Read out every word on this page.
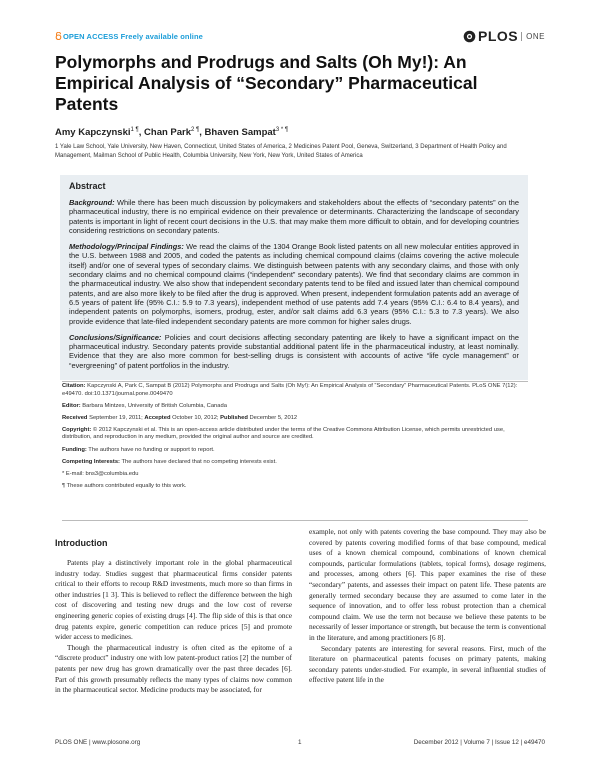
OPEN ACCESS Freely available online	PLOS ONE
Polymorphs and Prodrugs and Salts (Oh My!): An Empirical Analysis of “Secondary” Pharmaceutical Patents
Amy Kapczynski$^{1 \P}$, Chan Park$^{2 \P}$, Bhaven Sampat$^{3 * \P}$
1 Yale Law School, Yale University, New Haven, Connecticut, United States of America, 2 Medicines Patent Pool, Geneva, Switzerland, 3 Department of Health Policy and Management, Mailman School of Public Health, Columbia University, New York, New York, United States of America
Abstract

Background: While there has been much discussion by policymakers and stakeholders about the effects of “secondary patents” on the pharmaceutical industry, there is no empirical evidence on their prevalence or determinants. Characterizing the landscape of secondary patents is important in light of recent court decisions in the U.S. that may make them more difficult to obtain, and for developing countries considering restrictions on secondary patents.

Methodology/Principal Findings: We read the claims of the 1304 Orange Book listed patents on all new molecular entities approved in the U.S. between 1988 and 2005, and coded the patents as including chemical compound claims (claims covering the active molecule itself) and/or one of several types of secondary claims. We distinguish between patents with any secondary claims, and those with only secondary claims and no chemical compound claims (“independent” secondary patents). We find that secondary claims are common in the pharmaceutical industry. We also show that independent secondary patents tend to be filed and issued later than chemical compound patents, and are also more likely to be filed after the drug is approved. When present, independent formulation patents add an average of 6.5 years of patent life (95% C.I.: 5.9 to 7.3 years), independent method of use patents add 7.4 years (95% C.I.: 6.4 to 8.4 years), and independent patents on polymorphs, isomers, prodrug, ester, and/or salt claims add 6.3 years (95% C.I.: 5.3 to 7.3 years). We also provide evidence that late-filed independent secondary patents are more common for higher sales drugs.

Conclusions/Significance: Policies and court decisions affecting secondary patenting are likely to have a significant impact on the pharmaceutical industry. Secondary patents provide substantial additional patent life in the pharmaceutical industry, at least nominally. Evidence that they are also more common for best-selling drugs is consistent with accounts of active “life cycle management” or “evergreening” of patent portfolios in the industry.

Citation: Kapczynski A, Park C, Sampat B (2012) Polymorphs and Prodrugs and Salts (Oh My!): An Empirical Analysis of “Secondary” Pharmaceutical Patents. PLoS ONE 7(12): e49470. doi:10.1371/journal.pone.0049470

Editor: Barbara Mintzes, University of British Columbia, Canada

Received September 19, 2011; Accepted October 10, 2012; Published December 5, 2012

Copyright: © 2012 Kapczynski et al. This is an open-access article distributed under the terms of the Creative Commons Attribution License, which permits unrestricted use, distribution, and reproduction in any medium, provided the original author and source are credited.

Funding: The authors have no funding or support to report.

Competing Interests: The authors have declared that no competing interests exist.

* E-mail: bns3@columbia.edu

¶ These authors contributed equally to this work.

Introduction

Patents play a distinctively important role in the global pharmaceutical industry today. Studies suggest that pharmaceutical firms consider patents critical to their efforts to recoup R&D investments, much more so than firms in other industries [1 3]. This is believed to reflect the difference between the high cost of discovering and testing new drugs and the low cost of reverse engineering generic copies of existing drugs [4]. The flip side of this is that once drug patents expire, generic competition can reduce prices [5] and promote wider access to medicines.

Though the pharmaceutical industry is often cited as the epitome of a “discrete product” industry one with low patent-product ratios [2] the number of patents per new drug has grown dramatically over the past three decades [6]. Part of this growth presumably reflects the many types of claims now common in the pharmaceutical sector. Medicine products may be associated, for

example, not only with patents covering the base compound. They may also be covered by patents covering modified forms of that base compound, medical uses of a known chemical compound, combinations of known chemical compounds, particular formulations (tablets, topical forms), dosage regimens, and processes, among others [6]. This paper examines the rise of these “secondary” patents, and assesses their impact on patent life. These patents are generally termed secondary because they are assumed to come later in the sequence of innovation, and to offer less robust protection than a chemical compound claim. We use the term not because we believe these patents to be necessarily of lesser importance or strength, but because the term is conventional in the literature, and among practitioners [6 8].

Secondary patents are interesting for several reasons. First, much of the literature on pharmaceutical patents focuses on primary patents, making secondary patents under-studied. For example, in several influential studies of effective patent life in the

PLOS ONE | www.plosone.org	1	December 2012 | Volume 7 | Issue 12 | e49470
